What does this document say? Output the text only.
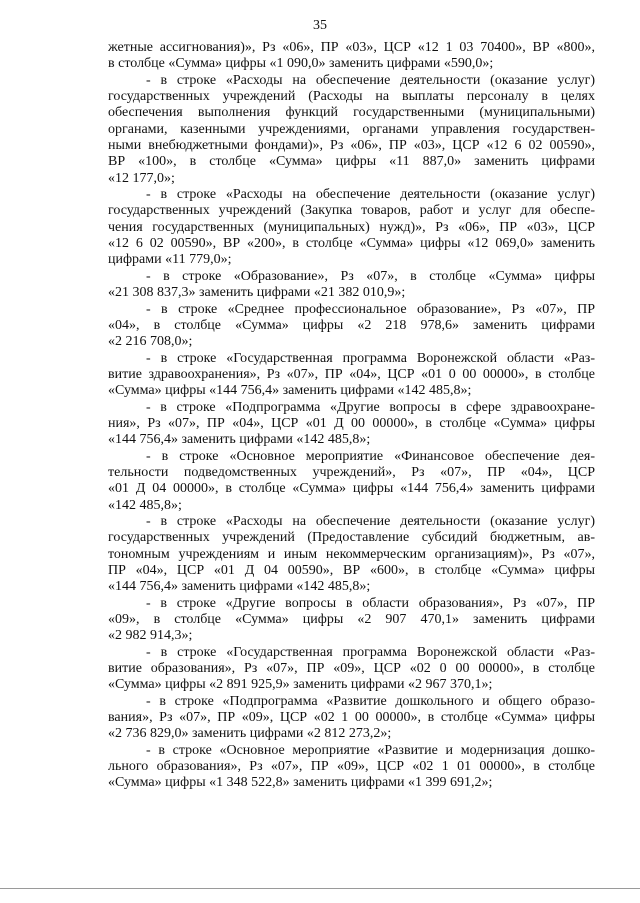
35
жетные ассигнования)», Рз «06», ПР «03», ЦСР «12 1 03 70400», ВР «800»,
в столбце «Сумма» цифры «1 090,0» заменить цифрами «590,0»;
- в строке «Расходы на обеспечение деятельности (оказание услуг)
государственных учреждений (Расходы на выплаты персоналу в целях
обеспечения выполнения функций государственными (муниципальными)
органами, казенными учреждениями, органами управления государствен-
ными внебюджетными фондами)», Рз «06», ПР «03», ЦСР «12 6 02 00590»,
ВР «100», в столбце «Сумма» цифры «11 887,0» заменить цифрами
«12 177,0»;
- в строке «Расходы на обеспечение деятельности (оказание услуг)
государственных учреждений (Закупка товаров, работ и услуг для обеспе-
чения государственных (муниципальных) нужд)», Рз «06», ПР «03», ЦСР
«12 6 02 00590», ВР «200», в столбце «Сумма» цифры «12 069,0» заменить
цифрами «11 779,0»;
- в строке «Образование», Рз «07», в столбце «Сумма» цифры
«21 308 837,3» заменить цифрами «21 382 010,9»;
- в строке «Среднее профессиональное образование», Рз «07», ПР
«04», в столбце «Сумма» цифры «2 218 978,6» заменить цифрами
«2 216 708,0»;
- в строке «Государственная программа Воронежской области «Раз-
витие здравоохранения», Рз «07», ПР «04», ЦСР «01 0 00 00000», в столбце
«Сумма» цифры «144 756,4» заменить цифрами «142 485,8»;
- в строке «Подпрограмма «Другие вопросы в сфере здравоохране-
ния», Рз «07», ПР «04», ЦСР «01 Д 00 00000», в столбце «Сумма» цифры
«144 756,4» заменить цифрами «142 485,8»;
- в строке «Основное мероприятие «Финансовое обеспечение дея-
тельности подведомственных учреждений», Рз «07», ПР «04», ЦСР
«01 Д 04 00000», в столбце «Сумма» цифры «144 756,4» заменить цифрами
«142 485,8»;
- в строке «Расходы на обеспечение деятельности (оказание услуг)
государственных учреждений (Предоставление субсидий бюджетным, ав-
тономным учреждениям и иным некоммерческим организациям)», Рз «07»,
ПР «04», ЦСР «01 Д 04 00590», ВР «600», в столбце «Сумма» цифры
«144 756,4» заменить цифрами «142 485,8»;
- в строке «Другие вопросы в области образования», Рз «07», ПР
«09», в столбце «Сумма» цифры «2 907 470,1» заменить цифрами
«2 982 914,3»;
- в строке «Государственная программа Воронежской области «Раз-
витие образования», Рз «07», ПР «09», ЦСР «02 0 00 00000», в столбце
«Сумма» цифры «2 891 925,9» заменить цифрами «2 967 370,1»;
- в строке «Подпрограмма «Развитие дошкольного и общего образо-
вания», Рз «07», ПР «09», ЦСР «02 1 00 00000», в столбце «Сумма» цифры
«2 736 829,0» заменить цифрами «2 812 273,2»;
- в строке «Основное мероприятие «Развитие и модернизация дошко-
льного образования», Рз «07», ПР «09», ЦСР «02 1 01 00000», в столбце
«Сумма» цифры «1 348 522,8» заменить цифрами «1 399 691,2»;
